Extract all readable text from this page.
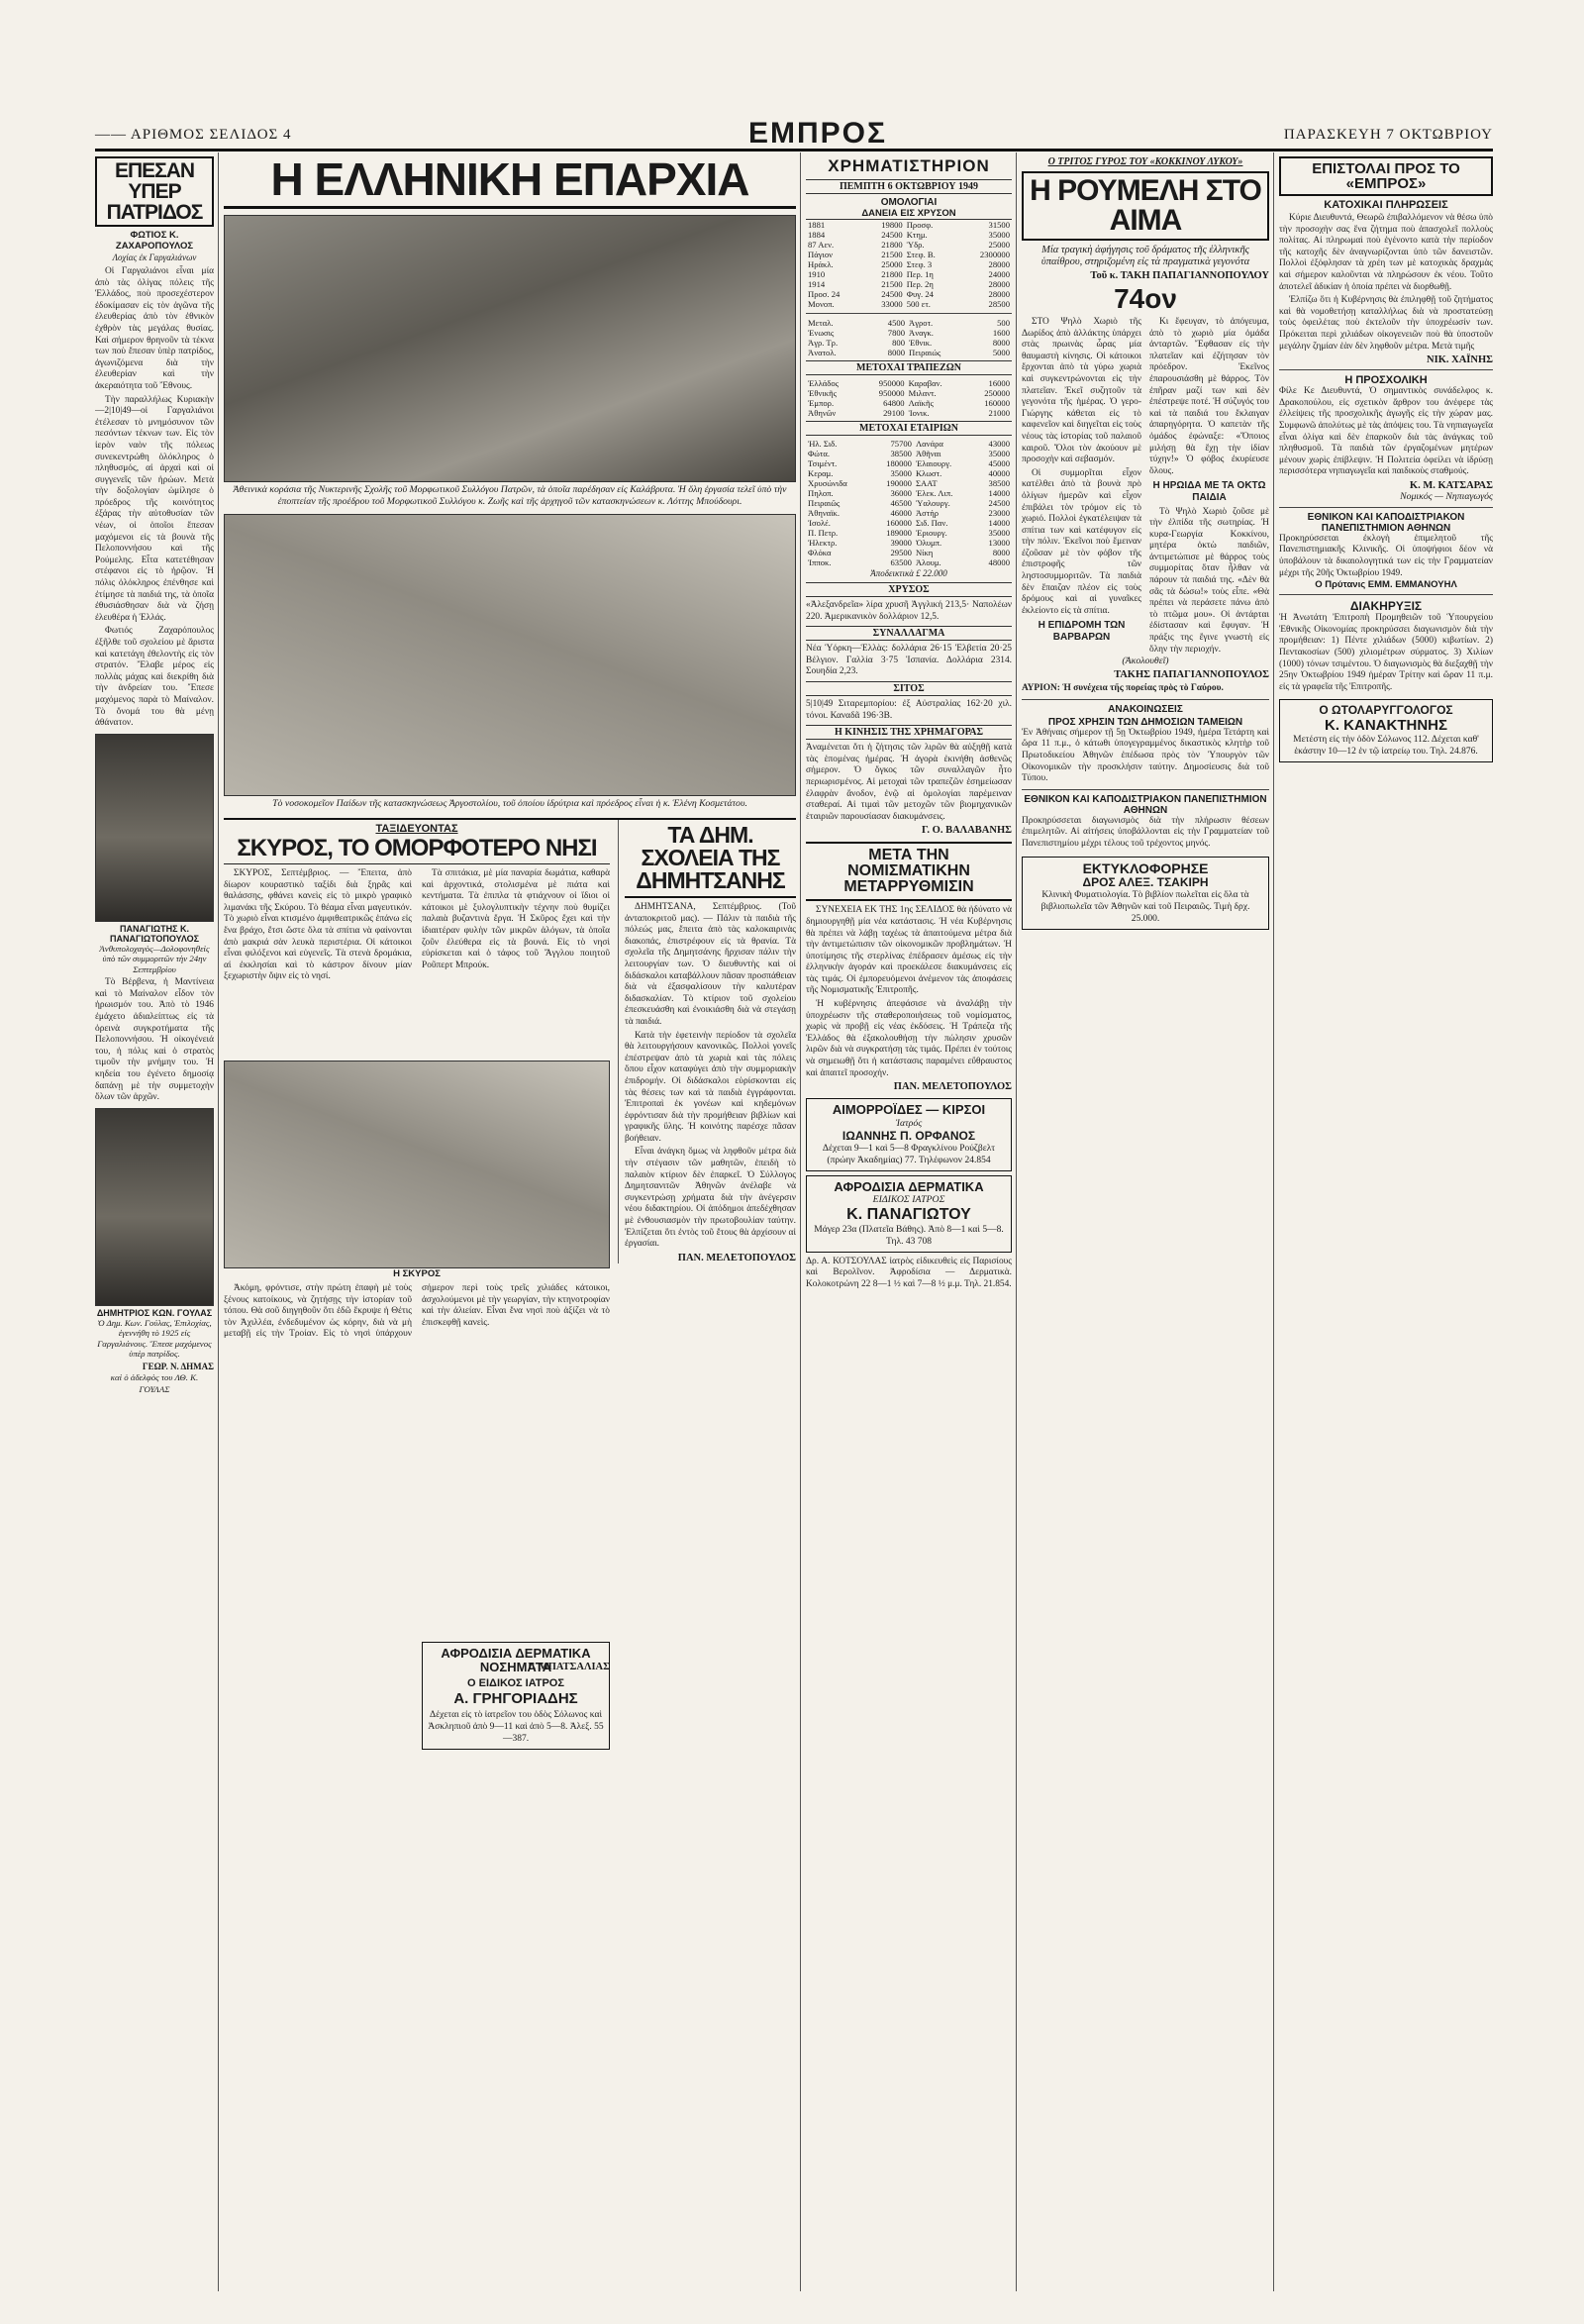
—— ΑΡΙΘΜΟΣ ΣΕΛΙΔΟΣ 4	ΕΜΠΡΟΣ	ΠΑΡΑΣΚΕΥΗ 7 ΟΚΤΩΒΡΙΟΥ
ΕΠΕΣΑΝ ΥΠΕΡ ΠΑΤΡΙΔΟΣ
ΦΩΤΙΟΣ Κ. ΖΑΧΑΡΟΠΟΥΛΟΣ
Λοχίας ἐκ Γαργαλιάνων

Οἱ Γαργαλιάνοι εἶναι μία ἀπὸ τὰς ὀλίγας πόλεις τῆς Ἑλλάδος, ποὺ προσεχέστερον ἐδοκίμασαν εἰς τὸν ἀγῶνα τῆς ἐλευθερίας ἀπὸ τὸν ἐθνικὸν ἐχθρὸν τὰς μεγάλας θυσίας. Καὶ σήμερον θρηνοῦν τὰ τέκνα των ποὺ ἔπεσαν ὑπὲρ πατρίδος, ἀγωνιζόμενα διὰ τὴν ἐλευθερίαν καὶ τὴν ἀκεραιότητα τοῦ Ἔθνους.

Τὴν παραλλήλως Κυριακὴν—2|10|49—οἱ Γαργαλιάνοι ἐτέλεσαν τὸ μνημόσυνον τῶν πεσόντων τέκνων των. Εἰς τὸν ἱερὸν ναὸν τῆς πόλεως συνεκεντρώθη ὁλόκληρος ὁ πληθυσμός, αἱ ἀρχαὶ καὶ οἱ συγγενεῖς τῶν ἡρώων. Μετὰ τὴν δοξολογίαν ὡμίλησε ὁ πρόεδρος τῆς κοινότητος ἐξάρας τὴν αὐτοθυσίαν τῶν νέων, οἱ ὁποῖοι ἔπεσαν μαχόμενοι εἰς τὰ βουνὰ τῆς Πελοποννήσου καὶ τῆς Ρούμελης. Εἶτα κατετέθησαν στέφανοι εἰς τὸ ἡρῷον. Ἡ πόλις ὁλόκληρος ἐπένθησε καὶ ἐτίμησε τὰ παιδιά της, τὰ ὁποῖα ἐθυσιάσθησαν διὰ νὰ ζήσῃ ἐλευθέρα ἡ Ἑλλάς.

Φωτιός Ζαχαρόπουλος ἐξῆλθε τοῦ σχολείου μὲ ἄριστα καὶ κατετάγη ἐθελοντὴς εἰς τὸν στρατόν. Ἔλαβε μέρος εἰς πολλὰς μάχας καὶ διεκρίθη διὰ τὴν ἀνδρείαν του. Ἔπεσε μαχόμενος παρὰ τὸ Μαίναλον. Τὸ ὄνομά του θὰ μένῃ ἀθάνατον.

ΠΑΝΑΓΙΩΤΗΣ Κ. ΠΑΝΑΓΙΩΤΟΠΟΥΛΟΣ
Ἀνθυπολοχαγὸς—Δολοφονηθεὶς ὑπὸ τῶν συμμοριτῶν τὴν 24ην Σεπτεμβρίου

Τὸ Βέρβενα, ἡ Μαντίνεια καὶ τὸ Μαίναλον εἶδον τὸν ἡρωισμόν του. Ἀπὸ τὸ 1946 ἐμάχετο ἀδιαλείπτως εἰς τὰ ὀρεινὰ συγκροτήματα τῆς Πελοποννήσου. Ἡ οἰκογένειά του, ἡ πόλις καὶ ὁ στρατὸς τιμοῦν τὴν μνήμην του. Ἡ κηδεία του ἐγένετο δημοσίᾳ δαπάνῃ μὲ τὴν συμμετοχὴν ὅλων τῶν ἀρχῶν.

ΔΗΜΗΤΡΙΟΣ ΚΩΝ. ΓΟΥΛΑΣ
Ὁ Δημ. Κων. Γούλας, Ἐπιλοχίας, ἐγεννήθη τὸ 1925 εἰς Γαργαλιάνους. Ἔπεσε μαχόμενος ὑπὲρ πατρίδος.
ΓΕΩΡ. Ν. ΔΗΜΑΣ
καὶ ὁ ἀδελφὸς του ΛΘ. Κ. ΓΟΥΛΑΣ
Η ΕΛΛΗΝΙΚΗ ΕΠΑΡΧΙΑ
Ἀθεινικὰ κοράσια τῆς Νυκτερινῆς Σχολῆς τοῦ Μορφωτικοῦ Συλλόγου Πατρῶν, τὰ ὁποῖα παρέδησαν εἰς Καλάβρυτα. Ἡ ὅλη ἐργασία τελεῖ ὑπὸ τὴν ἐποπτείαν τῆς προέδρου τοῦ Μορφωτικοῦ Συλλόγου κ. Ζωῆς καὶ τῆς ἀρχηγοῦ τῶν κατασκηνώσεων κ. Λόττης Μπούδουρι.
Τὸ νοσοκομεῖον Παίδων τῆς κατασκηνώσεως Ἀργοστολίου, τοῦ ὁποίου ἱδρύτρια καὶ πρόεδρος εἶναι ἡ κ. Ἑλένη Κοσμετάτου.
ΤΑΞΙΔΕΥΟΝΤΑΣ
ΣΚΥΡΟΣ, ΤΟ ΟΜΟΡΦΟΤΕΡΟ ΝΗΣΙ

ΣΚΥΡΟΣ, Σεπτέμβριος. — Ἔπειτα, ἀπὸ δίωρον κουραστικὸ ταξίδι διὰ ξηρᾶς καὶ θαλάσσης, φθάνει κανεὶς εἰς τὸ μικρὸ γραφικὸ λιμανάκι τῆς Σκύρου. Τὸ θέαμα εἶναι μαγευτικόν. Τὸ χωριὸ εἶναι κτισμένο ἀμφιθεατρικῶς ἐπάνω εἰς ἕνα βράχο, ἔτσι ὥστε ὅλα τὰ σπίτια νὰ φαίνονται ἀπὸ μακριά σὰν λευκὰ περιστέρια. Οἱ κάτοικοι εἶναι φιλόξενοι καὶ εὐγενεῖς. Τὰ στενὰ δρομάκια, αἱ ἐκκλησίαι καὶ τὸ κάστρον δίνουν μίαν ξεχωριστὴν ὄψιν εἰς τὸ νησί.

Τὰ σπιτάκια, μὲ μία παναρία δωμάτια, καθαρὰ καὶ ἀρχοντικά, στολισμένα μὲ πιάτα καὶ κεντήματα. Τὰ ἐπιπλα τὰ φτιάχνουν οἱ ἴδιοι οἱ κάτοικοι μὲ ξυλογλυπτικὴν τέχνην ποὺ θυμίζει παλαιὰ βυζαντινὰ ἔργα. Ἡ Σκῦρος ἔχει καὶ τὴν ἰδιαιτέραν φυλὴν τῶν μικρῶν ἀλόγων, τὰ ὁποῖα ζοῦν ἐλεύθερα εἰς τὰ βουνά. Εἰς τὸ νησὶ εὑρίσκεται καὶ ὁ τάφος τοῦ Ἄγγλου ποιητοῦ Ροῦπερτ Μπρούκ.

Η ΣΚΥΡΟΣ

Ἀκόμη, φρόντισε, στὴν πρώτη ἐπαφὴ μὲ τοὺς ξένους κατοίκους, νὰ ζητήσῃς τὴν ἱστορίαν τοῦ τόπου. Θὰ σοῦ διηγηθοῦν ὅτι ἐδῶ ἔκρυψε ἡ Θέτις τὸν Ἀχιλλέα, ἐνδεδυμένον ὡς κόρην, διὰ νὰ μὴ μεταβῇ εἰς τὴν Τροίαν. Εἰς τὸ νησὶ ὑπάρχουν σήμερον περὶ τοὺς τρεῖς χιλιάδες κάτοικοι, ἀσχολούμενοι μὲ τὴν γεωργίαν, τὴν κτηνοτροφίαν καὶ τὴν ἁλιείαν. Εἶναι ἕνα νησὶ ποὺ ἀξίζει νὰ τὸ ἐπισκεφθῇ κανεὶς.

Γ. ΜΠΑΤΣΑΛΙΑΣ
ΑΦΡΟΔΙΣΙΑ ΔΕΡΜΑΤΙΚΑ ΝΟΣΗΜΑΤΑ
Ο ΕΙΔΙΚΟΣ ΙΑΤΡΟΣ
Α. ΓΡΗΓΟΡΙΑΔΗΣ
Δέχεται εἰς τὸ ἰατρεῖον του ὁδὸς Σόλωνος καὶ Ἀσκληπιοῦ ἀπὸ 9—11 καὶ ἀπὸ 5—8. Ἀλεξ. 55—387.
ΤΑ ΔΗΜ. ΣΧΟΛΕΙΑ ΤΗΣ ΔΗΜΗΤΣΑΝΗΣ

ΔΗΜΗΤΣΑΝΑ, Σεπτέμβριος. (Τοῦ ἀνταποκριτοῦ μας). — Πάλιν τὰ παιδιὰ τῆς πόλεώς μας, ἔπειτα ἀπὸ τὰς καλοκαιρινὰς διακοπάς, ἐπιστρέφουν εἰς τὰ θρανία. Τὰ σχολεῖα τῆς Δημητσάνης ἤρχισαν πάλιν τὴν λειτουργίαν των. Ὁ διευθυντὴς καὶ οἱ διδάσκαλοι καταβάλλουν πᾶσαν προσπάθειαν διὰ νὰ ἐξασφαλίσουν τὴν καλυτέραν διδασκαλίαν. Τὸ κτίριον τοῦ σχολείου ἐπεσκευάσθη καὶ ἐνοικιάσθη διὰ νὰ στεγάσῃ τὰ παιδιά.

Κατὰ τὴν ἐφετεινὴν περίοδον τὰ σχολεῖα θὰ λειτουργήσουν κανονικῶς. Πολλοὶ γονεῖς ἐπέστρεψαν ἀπὸ τὰ χωριὰ καὶ τὰς πόλεις ὅπου εἶχον καταφύγει ἀπὸ τὴν συμμοριακὴν ἐπιδρομήν. Οἱ διδάσκαλοι εὑρίσκονται εἰς τὰς θέσεις των καὶ τὰ παιδιὰ ἐγγράφονται. Ἐπιτροπαὶ ἐκ γονέων καὶ κηδεμόνων ἐφρόντισαν διὰ τὴν προμήθειαν βιβλίων καὶ γραφικῆς ὕλης. Ἡ κοινότης παρέσχε πᾶσαν βοήθειαν.

Εἶναι ἀνάγκη ὅμως νὰ ληφθοῦν μέτρα διὰ τὴν στέγασιν τῶν μαθητῶν, ἐπειδὴ τὸ παλαιὸν κτίριον δὲν ἐπαρκεῖ. Ὁ Σύλλογος Δημητσανιτῶν Ἀθηνῶν ἀνέλαβε νὰ συγκεντρώσῃ χρήματα διὰ τὴν ἀνέγερσιν νέου διδακτηρίου. Οἱ ἀπόδημοι ἀπεδέχθησαν μὲ ἐνθουσιασμὸν τὴν πρωτοβουλίαν ταύτην. Ἐλπίζεται ὅτι ἐντὸς τοῦ ἔτους θὰ ἀρχίσουν αἱ ἐργασίαι.

ΠΑΝ. ΜΕΛΕΤΟΠΟΥΛΟΣ
ΧΡΗΜΑΤΙΣΤΗΡΙΟΝ
ΠΕΜΠΤΗ 6 ΟΚΤΩΒΡΙΟΥ 1949
ΟΜΟΛΟΓΙΑΙ
ΔΑΝΕΙΑ ΕΙΣ ΧΡΥΣΟΝ
1881	19800	Προσφ.	31500
1884	24500	Κτημ.	35000
87 Αεν.	21800	Ὑδρ.	25000
Πάγιον	21500	Στεφ. Β.	2300000
Ηράκλ.	25000	Στεφ. 3	28000
1910	21800	Περ. 1η	24000
1914	21500	Περ. 2η	28000
Προσ. 24	24500	Φυγ. 24	28000
Μονοπ.	33000	500 ετ.	28500
Μεταλ.	4500	Ἀγροτ.	500
Ἐνωσις	7800	Ἀναγκ.	1600
Ἀγρ. Τρ.	800	Ἐθνικ.	8000
Ἀνατολ.	8000	Πειραιώς	5000
ΜΕΤΟΧΑΙ ΤΡΑΠΕΖΩΝ
Ἐλλάδος	950000	Καραβαν.	16000
Ἐθνικῆς	950000	Μιλαντ.	250000
Ἐμπορ.	64800	Λαϊκῆς	160000
Ἀθηνῶν	29100	Ἰονικ.	21000
ΜΕΤΟΧΑΙ ΕΤΑΙΡΙΩΝ
Ἠλ. Σιδ.	75700	Λανάρα	43000
Φώτα.	38500	Ἀθῆναι	35000
Τσιμέντ.	180000	Ἐλαιουργ.	45000
Κεραμ.	35000	Κλωστ.	40000
Χρυσώνιδα	190000	ΣΑΑΤ	38500
Πηλοπ.	36000	Ἐλεκ. Λιπ.	14000
Πειραιῶς	46500	Ὑαλουργ.	24500
Ἀθηναϊκ.	46000	Ἀστήρ	23000
Ἰσολέ.	160000	Σιδ. Παν.	14000
Π. Πετρ.	189000	Ἐριουργ.	35000
Ἠλεκτρ.	39000	Ὀλυμπ.	13000
Φλόκα	29500	Νίκη	8000
Ἰπποκ.	63500	Ἀλουμ.	48000
Ἀποδεικτικὰ £ 22.000
ΧΡΥΣΟΣ
«Ἀλεξανδρεῖα» λίρα χρυσῆ Ἀγγλική 213,5· Ναπολέων 220. Ἀμερικανικὸν δολλάριον 12,5.
ΣΥΝΑΛΛΑΓΜΑ
Νέα Ὑόρκη—Ἑλλὰς: δολλάρια 26·15 Ἐλβετία 20·25 Βέλγιον. Γαλλία 3·75 Ἰσπανία. Δολλάρια 2314. Σουηδία 2,23.
ΣΙΤΟΣ
5|10|49 Σιταρεμπορίου: ἐξ Αὐστραλίας 162·20 χιλ. τόνοι. Καναδᾶ 196·3Β.
Η ΚΙΝΗΣΙΣ ΤΗΣ ΧΡΗΜΑΓΟΡΑΣ
Ἀναμένεται ὅτι ἡ ζήτησις τῶν λιρῶν θὰ αὐξηθῇ κατὰ τὰς ἑπομένας ἡμέρας. Ἡ ἀγορὰ ἐκινήθη ἀσθενῶς σήμερον. Ὁ ὄγκος τῶν συναλλαγῶν ἦτο περιωρισμένος. Αἱ μετοχαὶ τῶν τραπεζῶν ἐσημείωσαν ἐλαφρὰν ἄνοδον, ἐνῷ αἱ ὁμολογίαι παρέμειναν σταθεραί. Αἱ τιμαὶ τῶν μετοχῶν τῶν βιομηχανικῶν ἑταιριῶν παρουσίασαν διακυμάνσεις.
Γ. Ο. ΒΑΛΑΒΑΝΗΣ
ΜΕΤΑ ΤΗΝ ΝΟΜΙΣΜΑΤΙΚΗΝ ΜΕΤΑΡΡΥΘΜΙΣΙΝ

ΣΥΝΕΧΕΙΑ ΕΚ ΤΗΣ 1ης ΣΕΛΙΔΟΣ θὰ ἠδύνατο νὰ δημιουργηθῇ μία νέα κατάστασις. Ἡ νέα Κυβέρνησις θὰ πρέπει νὰ λάβῃ ταχέως τὰ ἀπαιτούμενα μέτρα διὰ τὴν ἀντιμετώπισιν τῶν οἰκονομικῶν προβλημάτων. Ἡ ὑποτίμησις τῆς στερλίνας ἐπέδρασεν ἀμέσως εἰς τὴν ἑλληνικὴν ἀγοράν καὶ προεκάλεσε διακυμάνσεις εἰς τὰς τιμάς. Οἱ ἐμπορευόμενοι ἀνέμενον τὰς ἀποφάσεις τῆς Νομισματικῆς Ἐπιτροπῆς.

Ἡ κυβέρνησις ἀπεφάσισε νὰ ἀναλάβῃ τὴν ὑποχρέωσιν τῆς σταθεροποιήσεως τοῦ νομίσματος, χωρὶς νὰ προβῇ εἰς νέας ἐκδόσεις. Ἡ Τράπεζα τῆς Ἑλλάδος θὰ ἐξακολουθήσῃ τὴν πώλησιν χρυσῶν λιρῶν διὰ νὰ συγκρατήσῃ τὰς τιμάς. Πρέπει ἐν τούτοις νὰ σημειωθῇ ὅτι ἡ κατάστασις παραμένει εὔθραυστος καὶ ἀπαιτεῖ προσοχήν.

ΠΑΝ. ΜΕΛΕΤΟΠΟΥΛΟΣ
ΑΙΜΟΡΡΟΪΔΕΣ — ΚΙΡΣΟΙ
Ἰατρός
ΙΩΑΝΝΗΣ Π. ΟΡΦΑΝΟΣ
Δέχεται 9—1 καὶ 5—8 Φραγκλίνου Ρούζβελτ (πρώην Ἀκαδημίας) 77. Τηλέφωνον 24.854
ΑΦΡΟΔΙΣΙΑ ΔΕΡΜΑΤΙΚΑ
ΕΙΔΙΚΟΣ ΙΑΤΡΟΣ
Κ. ΠΑΝΑΓΙΩΤΟΥ
Μάγερ 23α (Πλατεῖα Βάθης). Ἀπὸ 8—1 καὶ 5—8. Τηλ. 43 708
Δρ. Α. ΚΟΤΣΟΥΛΑΣ ἰατρὸς εἰδικευθεὶς εἰς Παρισίους καὶ Βερολῖνον. Ἀφροδίσια — Δερματικὰ. Κολοκοτρώνη 22 8—1 ½ καὶ 7—8 ½ μ.μ. Τηλ. 21.854.
Ο ΤΡΙΤΟΣ ΓΥΡΟΣ ΤΟΥ «ΚΟΚΚΙΝΟΥ ΛΥΚΟΥ»
Η ΡΟΥΜΕΛΗ ΣΤΟ ΑΙΜΑ
Μία τραγικὴ ἀφήγησις τοῦ δράματος τῆς ἑλληνικῆς ὑπαίθρου, στηριζομένη εἰς τὰ πραγματικὰ γεγονότα
Τοῦ κ. ΤΑΚΗ ΠΑΠΑΓΙΑΝΝΟΠΟΥΛΟΥ
74ον

ΣΤΟ Ψηλὸ Χωριὸ τῆς Δωρίδος ἀπὸ ἀλλάκτης ὑπάρχει στὰς πρωινὰς ὧρας μία θαυμαστὴ κίνησις. Οἱ κάτοικοι ἔρχονται ἀπὸ τὰ γύρω χωριὰ καὶ συγκεντρώνονται εἰς τὴν πλατεῖαν. Ἐκεῖ συζητοῦν τὰ γεγονότα τῆς ἡμέρας. Ὁ γερο-Γιώργης κάθεται εἰς τὸ καφενεῖον καὶ διηγεῖται εἰς τοὺς νέους τὰς ἱστορίας τοῦ παλαιοῦ καιροῦ. Ὅλοι τὸν ἀκούουν μὲ προσοχὴν καὶ σεβασμόν.

Οἱ συμμορῖται εἶχον κατέλθει ἀπὸ τὰ βουνὰ πρὸ ὀλίγων ἡμερῶν καὶ εἶχον ἐπιβάλει τὸν τρόμον εἰς τὸ χωριό. Πολλοὶ ἐγκατέλειψαν τὰ σπίτια των καὶ κατέφυγον εἰς τὴν πόλιν. Ἐκεῖνοι ποὺ ἔμειναν ἐζοῦσαν μὲ τὸν φόβον τῆς ἐπιστροφῆς τῶν ληστοσυμμοριτῶν. Τὰ παιδιὰ δὲν ἔπαιζαν πλέον εἰς τοὺς δρόμους καὶ αἱ γυναῖκες ἐκλείοντο εἰς τὰ σπίτια.

Η ΕΠΙΔΡΟΜΗ ΤΩΝ ΒΑΡΒΑΡΩΝ

Κι ἔφευγαν, τὸ ἀπόγευμα, ἀπὸ τὸ χωριὸ μία ὁμάδα ἀνταρτῶν. Ἔφθασαν εἰς τὴν πλατεῖαν καὶ ἐζήτησαν τὸν πρόεδρον. Ἐκεῖνος ἐπαρουσιάσθη μὲ θάρρος. Τὸν ἐπῆραν μαζί των καὶ δὲν ἐπέστρεψε ποτέ. Ἡ σύζυγός του καὶ τὰ παιδιά του ἔκλαιγαν ἀπαρηγόρητα. Ὁ καπετὰν τῆς ὁμάδος ἐφώναξε: «Ὅποιος μιλήσῃ θὰ ἔχῃ τὴν ἰδίαν τύχην!» Ὁ φόβος ἐκυρίευσε ὅλους.

Η ΗΡΩΙΔΑ ΜΕ ΤΑ ΟΚΤΩ ΠΑΙΔΙΑ

Τὸ Ψηλὸ Χωριὸ ζοῦσε μὲ τὴν ἐλπίδα τῆς σωτηρίας. Ἡ κυρα-Γεωργία Κοκκίνου, μητέρα ὀκτὼ παιδιῶν, ἀντιμετώπισε μὲ θάρρος τοὺς συμμορίτας ὅταν ἦλθαν νὰ πάρουν τὰ παιδιά της. «Δὲν θὰ σᾶς τὰ δώσω!» τοὺς εἶπε. «Θὰ πρέπει νὰ περάσετε πάνω ἀπὸ τὸ πτῶμα μου». Οἱ ἀντάρται ἐδίστασαν καὶ ἔφυγαν. Ἡ πράξις της ἔγινε γνωστὴ εἰς ὅλην τὴν περιοχήν.

(Ἀκολουθεῖ)
ΤΑΚΗΣ ΠΑΠΑΓΙΑΝΝΟΠΟΥΛΟΣ
ΑΥΡΙΟΝ: Ἡ συνέχεια τῆς πορείας πρὸς τὸ Γαύρου.
ΑΝΑΚΟΙΝΩΣΕΙΣ
ΠΡΟΣ ΧΡΗΣΙΝ ΤΩΝ ΔΗΜΟΣΙΩΝ ΤΑΜΕΙΩΝ
Ἐν Ἀθήναις σήμερον τῇ 5ῃ Ὀκτωβρίου 1949, ἡμέρα Τετάρτη καὶ ὥρα 11 π.μ., ὁ κάτωθι ὑπογεγραμμένος δικαστικὸς κλητὴρ τοῦ Πρωτοδικείου Ἀθηνῶν ἐπέδωσα πρὸς τὸν Ὑπουργὸν τῶν Οἰκονομικῶν τὴν προσκλήσιν ταύτην. Δημοσίευσις διὰ τοῦ Τύπου.
ΕΘΝΙΚΟΝ ΚΑΙ ΚΑΠΟΔΙΣΤΡΙΑΚΟΝ ΠΑΝΕΠΙΣΤΗΜΙΟΝ ΑΘΗΝΩΝ
Προκηρύσσεται διαγωνισμὸς διὰ τὴν πλήρωσιν θέσεων ἐπιμελητῶν. Αἱ αἰτήσεις ὑποβάλλονται εἰς τὴν Γραμματείαν τοῦ Πανεπιστημίου μέχρι τέλους τοῦ τρέχοντος μηνός.
ΕΚΤΥΚΛΟΦΟΡΗΣΕ
ΔΡΟΣ ΑΛΕΞ. ΤΣΑΚΙΡΗ
Κλινικὴ Φυματιολογία. Τὸ βιβλίον πωλεῖται εἰς ὅλα τὰ βιβλιοπωλεῖα τῶν Ἀθηνῶν καὶ τοῦ Πειραιῶς. Τιμὴ δρχ. 25.000.
ΕΠΙΣΤΟΛΑΙ ΠΡΟΣ ΤΟ «ΕΜΠΡΟΣ»
ΚΑΤΟΧΙΚΑΙ ΠΛΗΡΩΣΕΙΣ

Κύριε Διευθυντά, Θεωρῶ ἐπιβαλλόμενον νὰ θέσω ὑπὸ τὴν προσοχὴν σας ἕνα ζήτημα ποὺ ἀπασχολεῖ πολλοὺς πολίτας. Αἱ πληρωμαὶ ποὺ ἐγένοντο κατὰ τὴν περίοδον τῆς κατοχῆς δὲν ἀναγνωρίζονται ὑπὸ τῶν δανειστῶν. Πολλοὶ ἐξόφλησαν τὰ χρέη των μὲ κατοχικὰς δραχμὰς καὶ σήμερον καλοῦνται νὰ πληρώσουν ἐκ νέου. Τοῦτο ἀποτελεῖ ἀδικίαν ἡ ὁποία πρέπει νὰ διορθωθῇ.

Ἐλπίζω ὅτι ἡ Κυβέρνησις θὰ ἐπιληφθῇ τοῦ ζητήματος καὶ θὰ νομοθετήσῃ καταλλήλως διὰ νὰ προστατεύσῃ τοὺς ὀφειλέτας ποὺ ἐκτελοῦν τὴν ὑποχρέωσίν των. Πρόκειται περὶ χιλιάδων οἰκογενειῶν ποὺ θὰ ὑποστοῦν μεγάλην ζημίαν ἐὰν δὲν ληφθοῦν μέτρα. Μετὰ τιμῆς

ΝΙΚ. ΧΑΪΝΗΣ
Η ΠΡΟΣΧΟΛΙΚΗ
Φίλε Κε Διευθυντά, Ὁ σημαντικὸς συνάδελφος κ. Δρακοπούλου, εἰς σχετικὸν ἄρθρον του ἀνέφερε τὰς ἐλλείψεις τῆς προσχολικῆς ἀγωγῆς εἰς τὴν χώραν μας. Συμφωνῶ ἀπολύτως μὲ τὰς ἀπόψεις του. Τὰ νηπιαγωγεῖα εἶναι ὀλίγα καὶ δὲν ἐπαρκοῦν διὰ τὰς ἀνάγκας τοῦ πληθυσμοῦ. Τὰ παιδιὰ τῶν ἐργαζομένων μητέρων μένουν χωρὶς ἐπίβλεψιν. Ἡ Πολιτεία ὀφείλει νὰ ἱδρύσῃ περισσότερα νηπιαγωγεῖα καὶ παιδικοὺς σταθμούς.
Κ. Μ. ΚΑΤΣΑΡΑΣ
Νομικός — Νηπιαγωγός
ΕΘΝΙΚΟΝ ΚΑΙ ΚΑΠΟΔΙΣΤΡΙΑΚΟΝ ΠΑΝΕΠΙΣΤΗΜΙΟΝ ΑΘΗΝΩΝ
Προκηρύσσεται ἐκλογὴ ἐπιμελητοῦ τῆς Πανεπιστημιακῆς Κλινικῆς. Οἱ ὑποψήφιοι δέον νὰ ὑποβάλουν τὰ δικαιολογητικά των εἰς τὴν Γραμματείαν μέχρι τῆς 20ῆς Ὀκτωβρίου 1949.
Ο Πρύτανις ΕΜΜ. ΕΜΜΑΝΟΥΗΛ
ΔΙΑΚΗΡΥΞΙΣ
Ἡ Ἀνωτάτη Ἐπιτροπὴ Προμηθειῶν τοῦ Ὑπουργείου Ἐθνικῆς Οἰκονομίας προκηρύσσει διαγωνισμὸν διὰ τὴν προμήθειαν: 1) Πέντε χιλιάδων (5000) κιβωτίων. 2) Πεντακοσίων (500) χιλιομέτρων σύρματος. 3) Χιλίων (1000) τόνων τσιμέντου. Ὁ διαγωνισμὸς θὰ διεξαχθῇ τὴν 25ην Ὀκτωβρίου 1949 ἡμέραν Τρίτην καὶ ὥραν 11 π.μ. εἰς τὰ γραφεῖα τῆς Ἐπιτροπῆς.
Ο ΩΤΟΛΑΡΥΓΓΟΛΟΓΟΣ
Κ. ΚΑΝΑΚΤΗΝΗΣ
Μετέστη εἰς τὴν ὁδὸν Σόλωνος 112. Δέχεται καθ' ἑκάστην 10—12 ἐν τῷ ἰατρείῳ του. Τηλ. 24.876.
